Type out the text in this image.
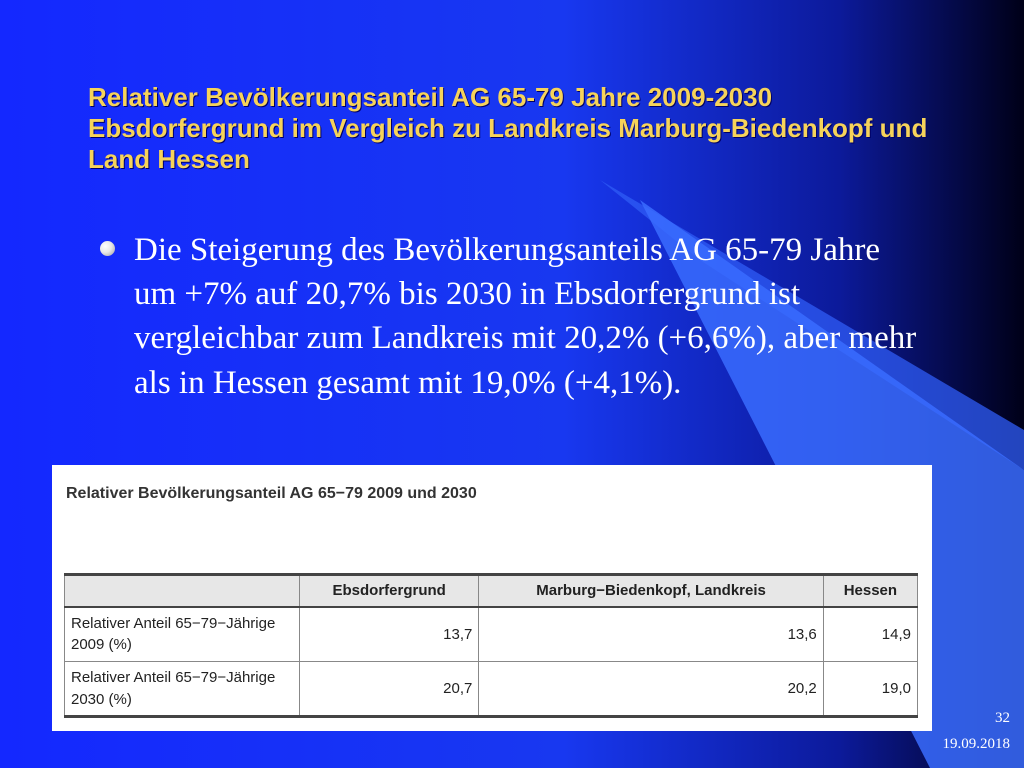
Relativer Bevölkerungsanteil AG 65-79 Jahre 2009-2030 Ebsdorfergrund im Vergleich zu Landkreis Marburg-Biedenkopf und Land Hessen
Die Steigerung des Bevölkerungsanteils AG 65-79 Jahre um +7% auf 20,7% bis 2030 in Ebsdorfergrund ist vergleichbar zum Landkreis mit 20,2% (+6,6%), aber mehr als in Hessen gesamt mit 19,0% (+4,1%).
Relativer Bevölkerungsanteil AG 65−79 2009 und 2030
	Ebsdorfergrund	Marburg−Biedenkopf, Landkreis	Hessen
Relativer Anteil 65−79−Jährige 2009 (%)	13,7	13,6	14,9
Relativer Anteil 65−79−Jährige 2030 (%)	20,7	20,2	19,0
32
19.09.2018
